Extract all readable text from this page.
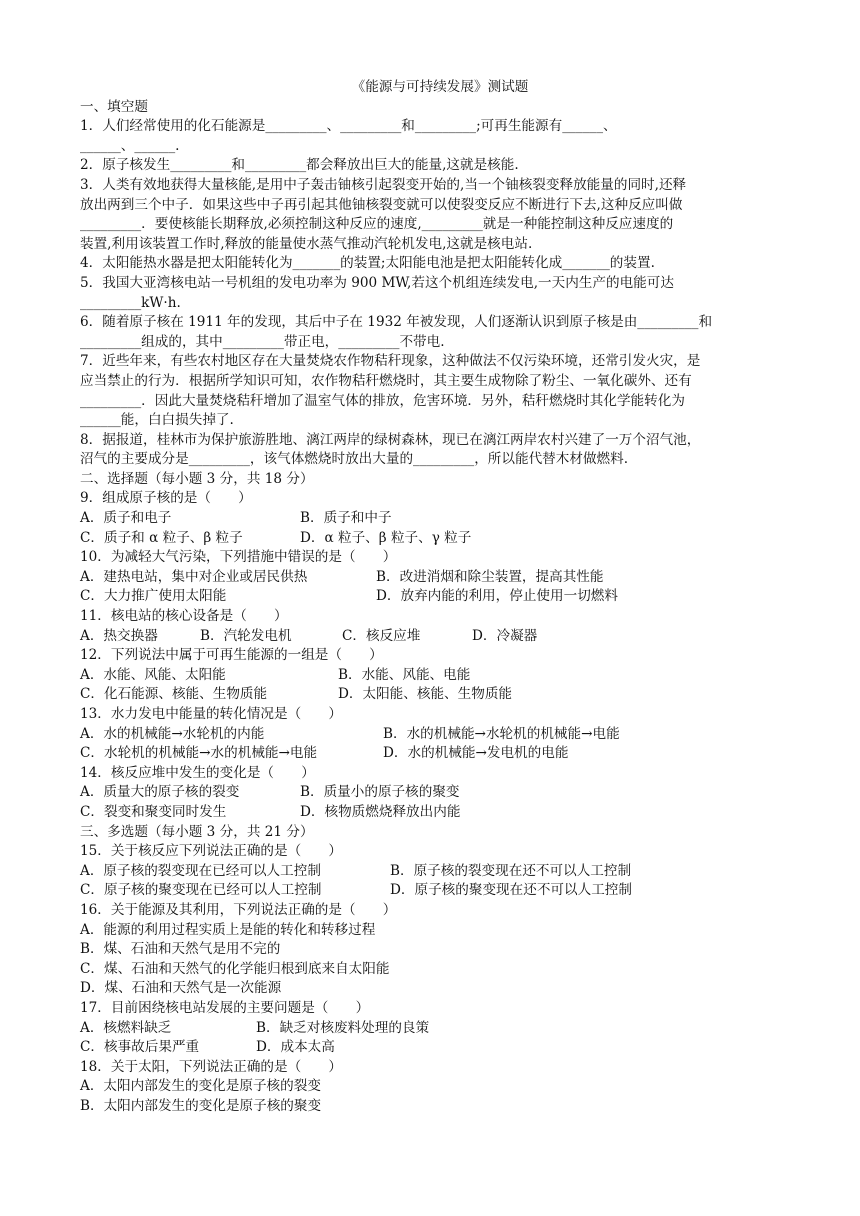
《能源与可持续发展》测试题
一、填空题
1．人们经常使用的化石能源是_________、_________和_________;可再生能源有______、
______、______.
2．原子核发生_________和_________都会释放出巨大的能量,这就是核能.
3．人类有效地获得大量核能,是用中子轰击铀核引起裂变开始的,当一个铀核裂变释放能量的同时,还释
放出两到三个中子．如果这些中子再引起其他铀核裂变就可以使裂变反应不断进行下去,这种反应叫做
_________．要使核能长期释放,必须控制这种反应的速度,_________就是一种能控制这种反应速度的
装置,利用该装置工作时,释放的能量使水蒸气推动汽轮机发电,这就是核电站.
4．太阳能热水器是把太阳能转化为_______的装置;太阳能电池是把太阳能转化成_______的装置.
5．我国大亚湾核电站一号机组的发电功率为 900 MW,若这个机组连续发电,一天内生产的电能可达
_________kW·h.
6．随着原子核在 1911 年的发现，其后中子在 1932 年被发现，人们逐渐认识到原子核是由_________和
_________组成的，其中_________带正电，_________不带电.
7．近些年来，有些农村地区存在大量焚烧农作物秸秆现象，这种做法不仅污染环境，还常引发火灾，是
应当禁止的行为．根据所学知识可知，农作物秸秆燃烧时，其主要生成物除了粉尘、一氧化碳外、还有
_________．因此大量焚烧秸秆增加了温室气体的排放，危害环境．另外，秸秆燃烧时其化学能转化为
______能，白白损失掉了.
8．据报道，桂林市为保护旅游胜地、漓江两岸的绿树森林，现已在漓江两岸农村兴建了一万个沼气池，
沼气的主要成分是_________，该气体燃烧时放出大量的_________，所以能代替木材做燃料.
二、选择题（每小题 3 分，共 18 分）
9．组成原子核的是（　　）
A．质子和电子	B．质子和中子
C．质子和 α 粒子、β 粒子	D．α 粒子、β 粒子、γ 粒子
10．为减轻大气污染，下列措施中错误的是（　　）
A．建热电站，集中对企业或居民供热	B．改进消烟和除尘装置，提高其性能
C．大力推广使用太阳能	D．放弃内能的利用，停止使用一切燃料
11．核电站的核心设备是（　　）
A．热交换器	B．汽轮发电机	C．核反应堆	D．冷凝器
12．下列说法中属于可再生能源的一组是（　　）
A．水能、风能、太阳能	B．水能、风能、电能
C．化石能源、核能、生物质能	D．太阳能、核能、生物质能
13．水力发电中能量的转化情况是（　　）
A．水的机械能→水轮机的内能	B．水的机械能→水轮机的机械能→电能
C．水轮机的机械能→水的机械能→电能	D．水的机械能→发电机的电能
14．核反应堆中发生的变化是（　　）
A．质量大的原子核的裂变	B．质量小的原子核的聚变
C．裂变和聚变同时发生	D．核物质燃烧释放出内能
三、多选题（每小题 3 分，共 21 分）
15．关于核反应下列说法正确的是（　　）
A．原子核的裂变现在已经可以人工控制	B．原子核的裂变现在还不可以人工控制
C．原子核的聚变现在已经可以人工控制	D．原子核的聚变现在还不可以人工控制
16．关于能源及其利用，下列说法正确的是（　　）
A．能源的利用过程实质上是能的转化和转移过程
B．煤、石油和天然气是用不完的
C．煤、石油和天然气的化学能归根到底来自太阳能
D．煤、石油和天然气是一次能源
17．目前困绕核电站发展的主要问题是（　　）
A．核燃料缺乏	B．缺乏对核废料处理的良策
C．核事故后果严重	D．成本太高
18．关于太阳，下列说法正确的是（　　）
A．太阳内部发生的变化是原子核的裂变
B．太阳内部发生的变化是原子核的聚变
